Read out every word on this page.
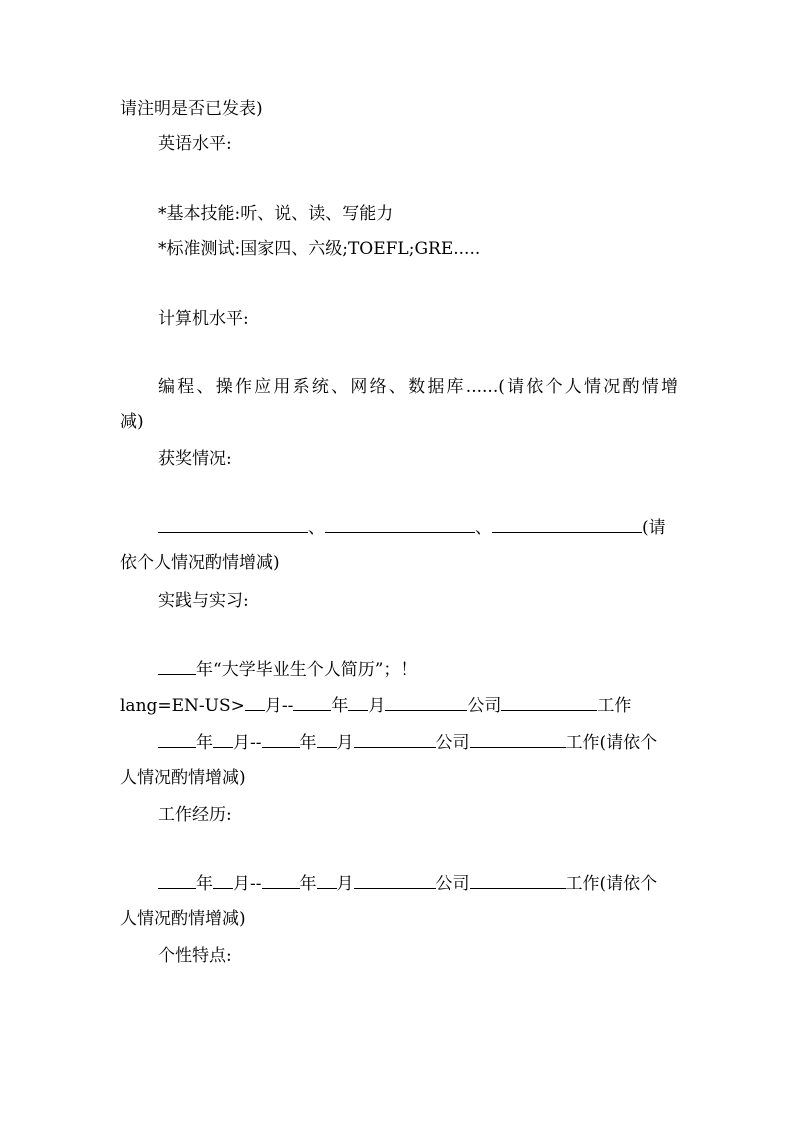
请注明是否已发表)
英语水平:
*基本技能:听、说、读、写能力
*标准测试:国家四、六级;TOEFL;GRE.....
计算机水平:
编程、操作应用系统、网络、数据库......(请依个人情况酌情增
减)
获奖情况:
、	、	(请
依个人情况酌情增减)
实践与实习:
年“大学毕业生个人简历”；！
lang=EN-US> 月-- 年 月	公司	工作
年 月-- 年 月	公司	工作(请依个
人情况酌情增减)
工作经历:
年 月-- 年 月	公司	工作(请依个
人情况酌情增减)
个性特点:
